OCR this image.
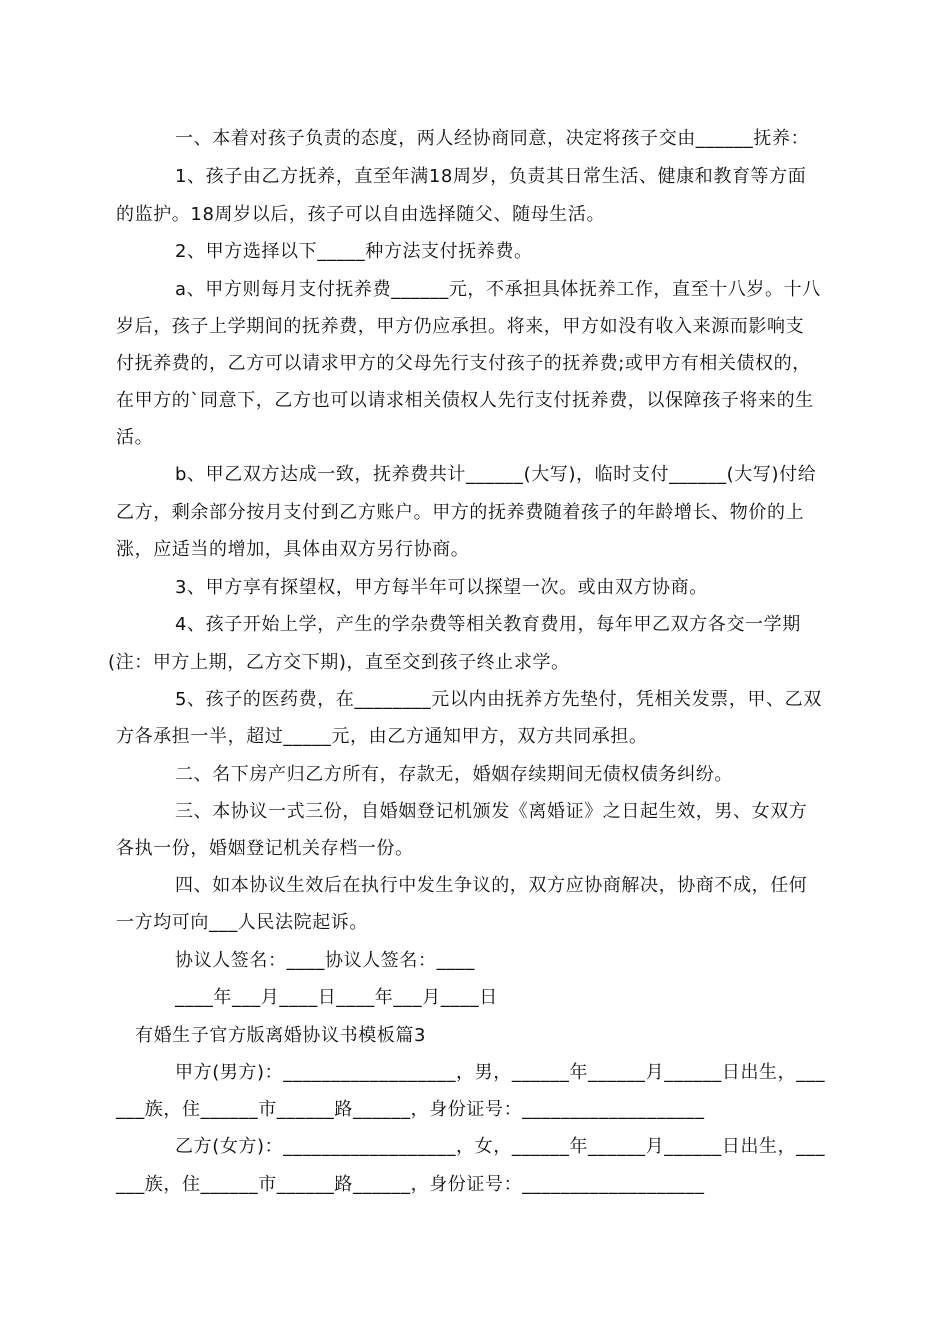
一、本着对孩子负责的态度，两人经协商同意，决定将孩子交由______抚养：
1、孩子由乙方抚养，直至年满18周岁，负责其日常生活、健康和教育等方面
的监护。18周岁以后，孩子可以自由选择随父、随母生活。
2、甲方选择以下_____种方法支付抚养费。
a、甲方则每月支付抚养费______元，不承担具体抚养工作，直至十八岁。十八
岁后，孩子上学期间的抚养费，甲方仍应承担。将来，甲方如没有收入来源而影响支
付抚养费的，乙方可以请求甲方的父母先行支付孩子的抚养费;或甲方有相关债权的，
在甲方的`同意下，乙方也可以请求相关债权人先行支付抚养费，以保障孩子将来的生
活。
b、甲乙双方达成一致，抚养费共计______(大写)，临时支付______(大写)付给
乙方，剩余部分按月支付到乙方账户。甲方的抚养费随着孩子的年龄增长、物价的上
涨，应适当的增加，具体由双方另行协商。
3、甲方享有探望权，甲方每半年可以探望一次。或由双方协商。
4、孩子开始上学，产生的学杂费等相关教育费用，每年甲乙双方各交一学期
(注：甲方上期，乙方交下期)，直至交到孩子终止求学。
5、孩子的医药费，在________元以内由抚养方先垫付，凭相关发票，甲、乙双
方各承担一半，超过_____元，由乙方通知甲方，双方共同承担。
二、名下房产归乙方所有，存款无，婚姻存续期间无债权债务纠纷。
三、本协议一式三份，自婚姻登记机颁发《离婚证》之日起生效，男、女双方
各执一份，婚姻登记机关存档一份。
四、如本协议生效后在执行中发生争议的，双方应协商解决，协商不成，任何
一方均可向___人民法院起诉。
协议人签名：____协议人签名：____
____年___月____日____年___月____日
有婚生子官方版离婚协议书模板篇3
甲方(男方)：__________________，男，______年______月______日出生，___
___族，住______市______路______，身份证号：___________________
乙方(女方)：__________________，女，______年______月______日出生，___
___族，住______市______路______，身份证号：___________________
